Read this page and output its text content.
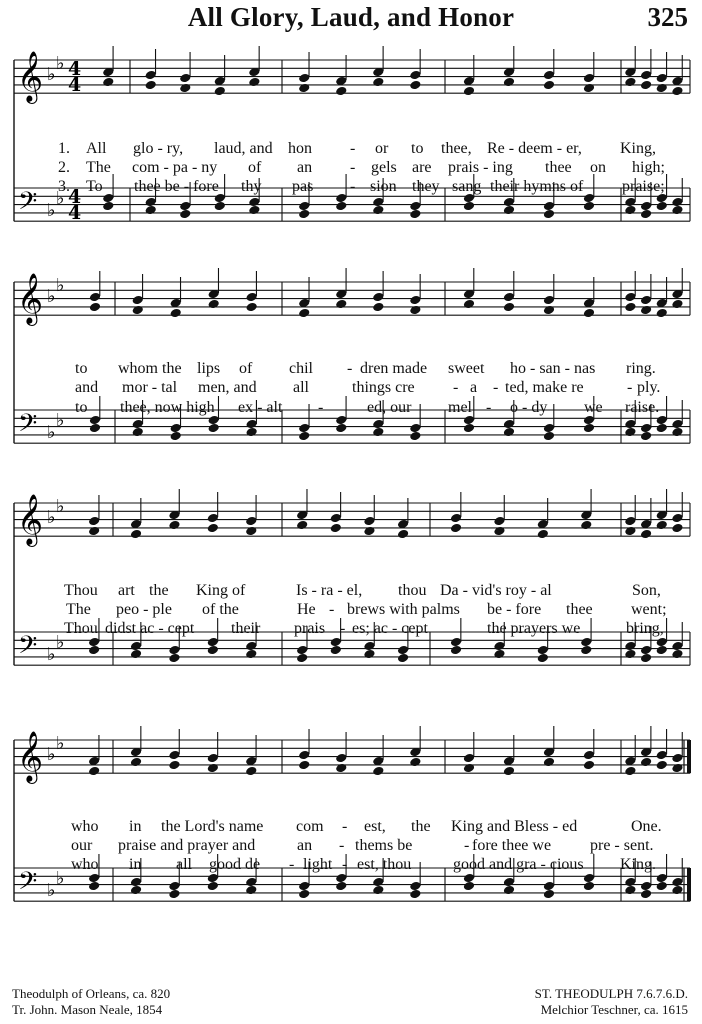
All Glory, Laud, and Honor	325
𝄞
𝄢
♭
♭
♭
♭
4
4
4
4
𝄞
𝄢
♭
♭
♭
♭
𝄞
𝄢
♭
♭
♭
♭
𝄞
𝄢
♭
♭
♭
♭
1. All glo - ry, laud, and hon - or to thee, Re - deem - er, King,
2. The com - pa - ny of an - gels are prais - ing thee on high;
3. To thee be - fore thy pas - sion they sang their hymns of praise;
to whom the lips of chil - dren made sweet ho - san - nas ring.
and mor - tal men, and all	things cre - a - ted, make re	- ply.
to thee, now high ex - alt -	ed, our mel - o - dy we raise.
Thou art the King of	Is - ra - el, thou Da - vid's roy - al	Son,
The peo - ple of the	He - brews with palms be - fore thee went;
Thou didst ac - cept their prais - es; ac - cept	the prayers we	bring,
who in the Lord's name com - est, the King and Bless - ed	One.
our praise and prayer and	an - thems be	- fore thee we pre - sent.
who in all good de - light - est, thou	good and gra - cious King.
Theodulph of Orleans, ca. 820
Tr. John. Mason Neale, 1854
ST. THEODULPH 7.6.7.6.D.
Melchior Teschner, ca. 1615
